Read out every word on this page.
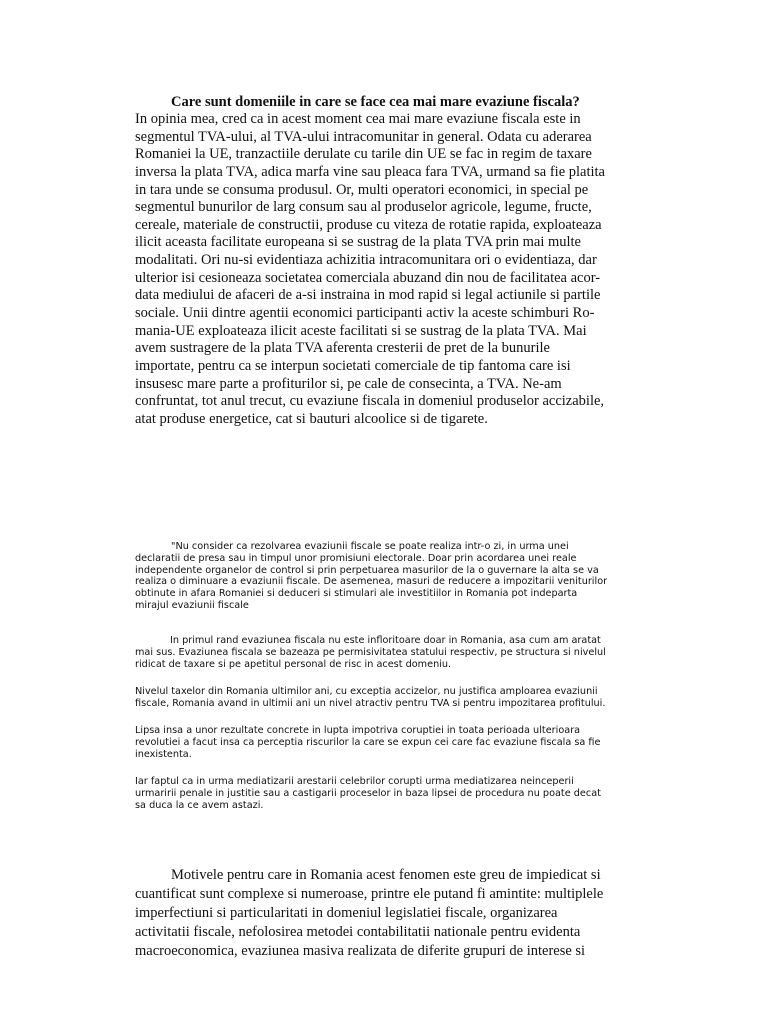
Care sunt domeniile in care se face cea mai mare evaziune fiscala?
In opinia mea, cred ca in acest moment cea mai mare evaziune fiscala este in
segmentul TVA-ului, al TVA-ului intracomunitar in general. Odata cu aderarea
Romaniei la UE, tranzactiile derulate cu tarile din UE se fac in regim de taxare
inversa la plata TVA, adica marfa vine sau pleaca fara TVA, urmand sa fie platita
in tara unde se consuma produsul. Or, multi operatori economici, in special pe
segmentul bunurilor de larg consum sau al produselor agricole, legume, fructe,
cereale, materiale de constructii, produse cu viteza de rotatie rapida, exploateaza
ilicit aceasta facilitate europeana si se sustrag de la plata TVA prin mai multe
modalitati. Ori nu-si evidentiaza achizitia intracomunitara ori o evidentiaza, dar
ulterior isi cesioneaza societatea comerciala abuzand din nou de facilitatea acor-
data mediului de afaceri de a-si instraina in mod rapid si legal actiunile si partile
sociale. Unii dintre agentii economici participanti activ la aceste schimburi Ro-
mania-UE exploateaza ilicit aceste facilitati si se sustrag de la plata TVA. Mai
avem sustragere de la plata TVA aferenta cresterii de pret de la bunurile
importate, pentru ca se interpun societati comerciale de tip fantoma care isi
insusesc mare parte a profiturilor si, pe cale de consecinta, a TVA. Ne-am
confruntat, tot anul trecut, cu evaziune fiscala in domeniul produselor accizabile,
atat produse energetice, cat si bauturi alcoolice si de tigarete.
"Nu consider ca rezolvarea evaziunii fiscale se poate realiza intr-o zi, in urma unei
declaratii de presa sau in timpul unor promisiuni electorale. Doar prin acordarea unei reale
independente organelor de control si prin perpetuarea masurilor de la o guvernare la alta se va
realiza o diminuare a evaziunii fiscale. De asemenea, masuri de reducere a impozitarii veniturilor
obtinute in afara Romaniei si deduceri si stimulari ale investitiilor in Romania pot indeparta
mirajul evaziunii fiscale
In primul rand evaziunea fiscala nu este infloritoare doar in Romania, asa cum am aratat
mai sus. Evaziunea fiscala se bazeaza pe permisivitatea statului respectiv, pe structura si nivelul
ridicat de taxare si pe apetitul personal de risc in acest domeniu.
Nivelul taxelor din Romania ultimilor ani, cu exceptia accizelor, nu justifica amploarea evaziunii
fiscale, Romania avand in ultimii ani un nivel atractiv pentru TVA si pentru impozitarea profitului.
Lipsa insa a unor rezultate concrete in lupta impotriva coruptiei in toata perioada ulterioara
revolutiei a facut insa ca perceptia riscurilor la care se expun cei care fac evaziune fiscala sa fie
inexistenta.
Iar faptul ca in urma mediatizarii arestarii celebrilor corupti urma mediatizarea neinceperii
urmaririi penale in justitie sau a castigarii proceselor in baza lipsei de procedura nu poate decat
sa duca la ce avem astazi.
Motivele pentru care in Romania acest fenomen este greu de impiedicat si
cuantificat sunt complexe si numeroase, printre ele putand fi amintite: multiplele
imperfectiuni si particularitati in domeniul legislatiei fiscale, organizarea
activitatii fiscale, nefolosirea metodei contabilitatii nationale pentru evidenta
macroeconomica, evaziunea masiva realizata de diferite grupuri de interese si
